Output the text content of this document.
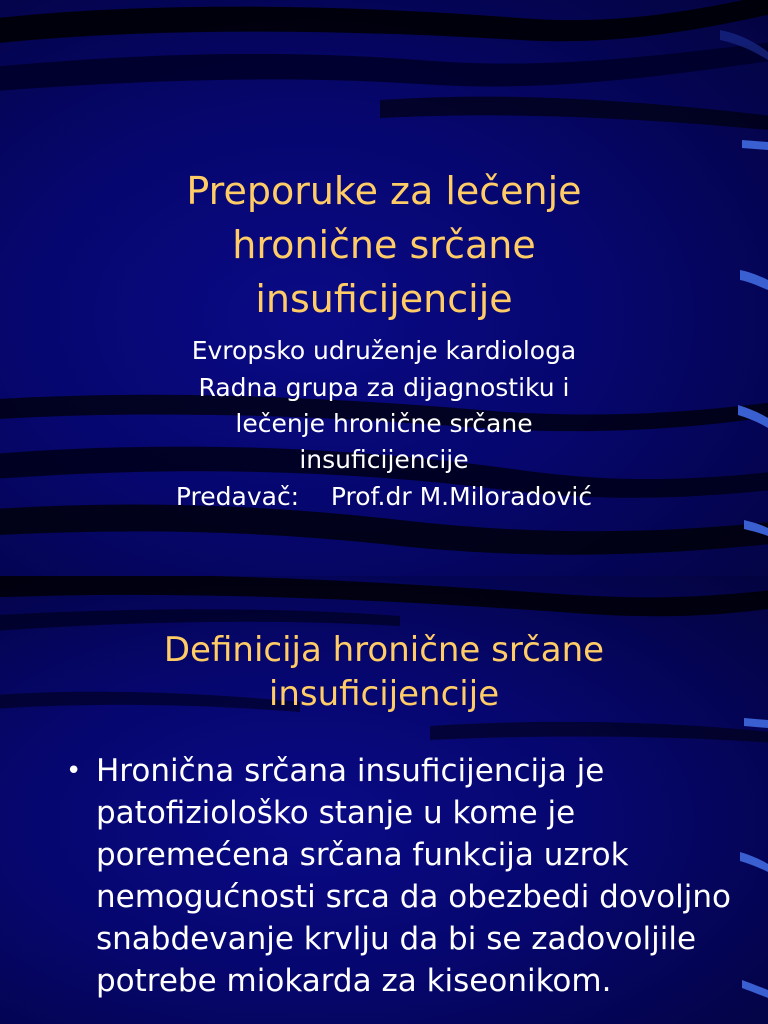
Preporuke za lečenje
hronične srčane
insuficijencije
Evropsko udruženje kardiologa
Radna grupa za dijagnostiku i
lečenje hronične srčane
insuficijencije
Predavač:    Prof.dr M.Miloradović
Definicija hronične srčane
insuficijencije
• Hronična srčana insuficijencija je patofiziološko stanje u kome je poremećena srčana funkcija uzrok nemogućnosti srca da obezbedi dovoljno snabdevanje krvlju da bi se zadovoljile potrebe miokarda za kiseonikom.
